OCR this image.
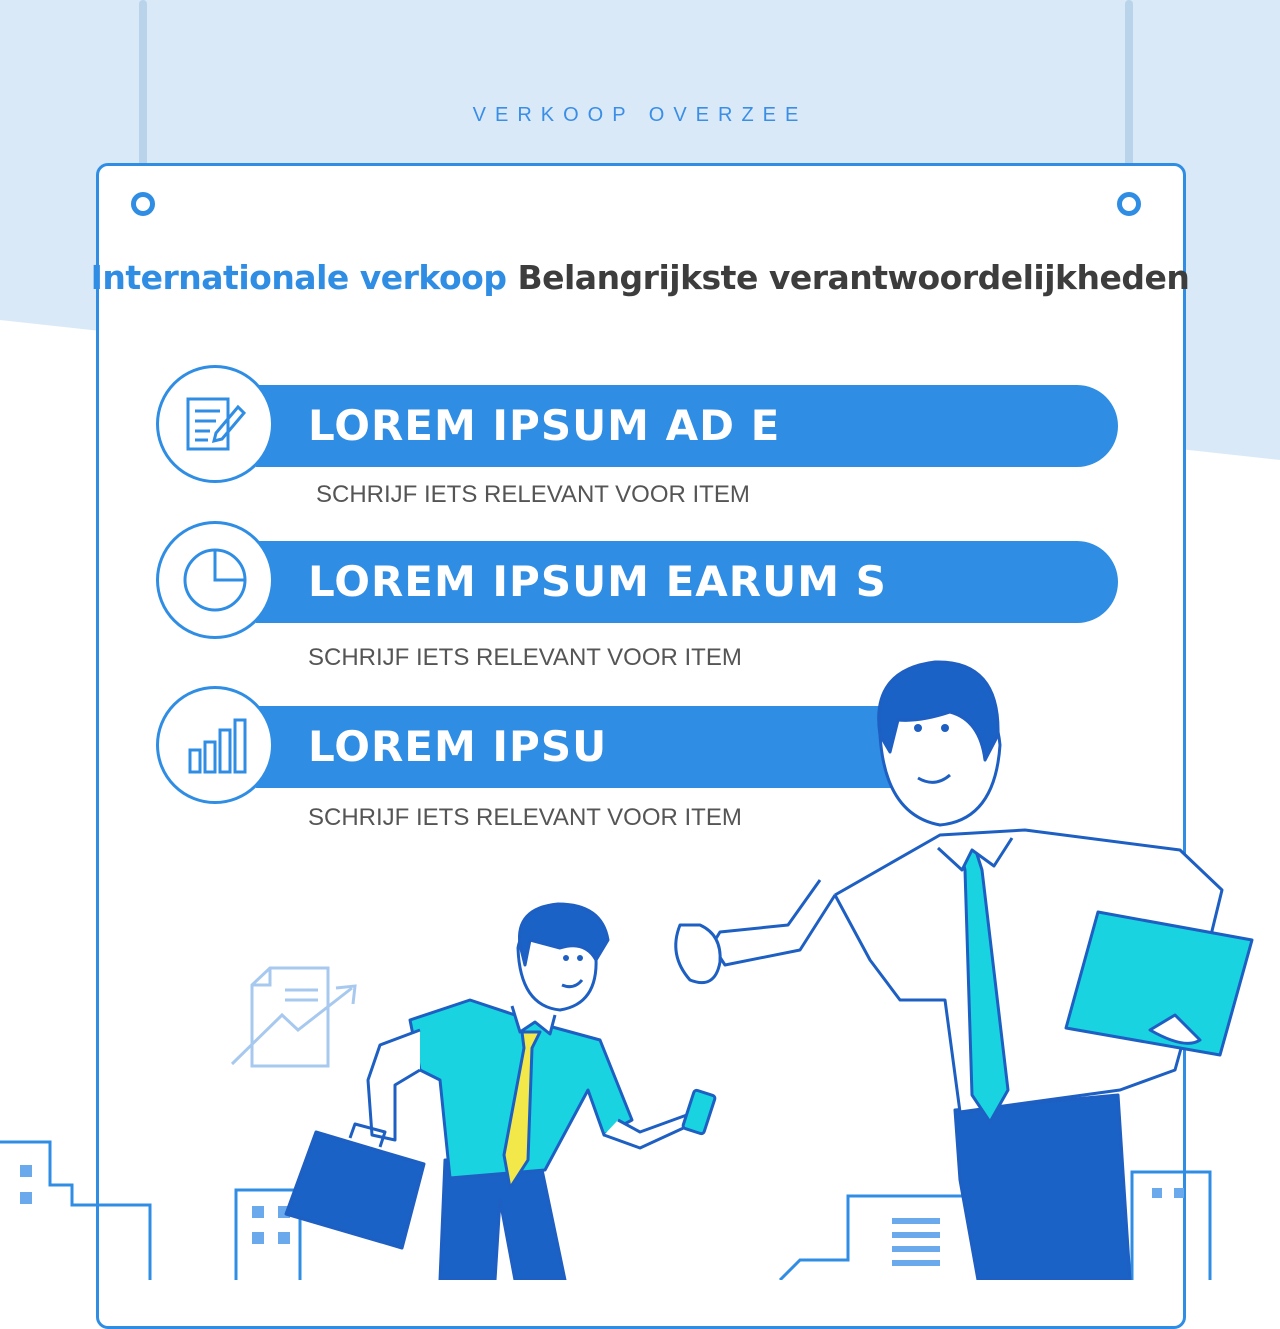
VERKOOP OVERZEE
Internationale verkoop Belangrijkste verantwoordelijkheden
LOREM IPSUM AD E
SCHRIJF IETS RELEVANT VOOR ITEM
LOREM IPSUM EARUM S
SCHRIJF IETS RELEVANT VOOR ITEM
LOREM IPSU
SCHRIJF IETS RELEVANT VOOR ITEM
